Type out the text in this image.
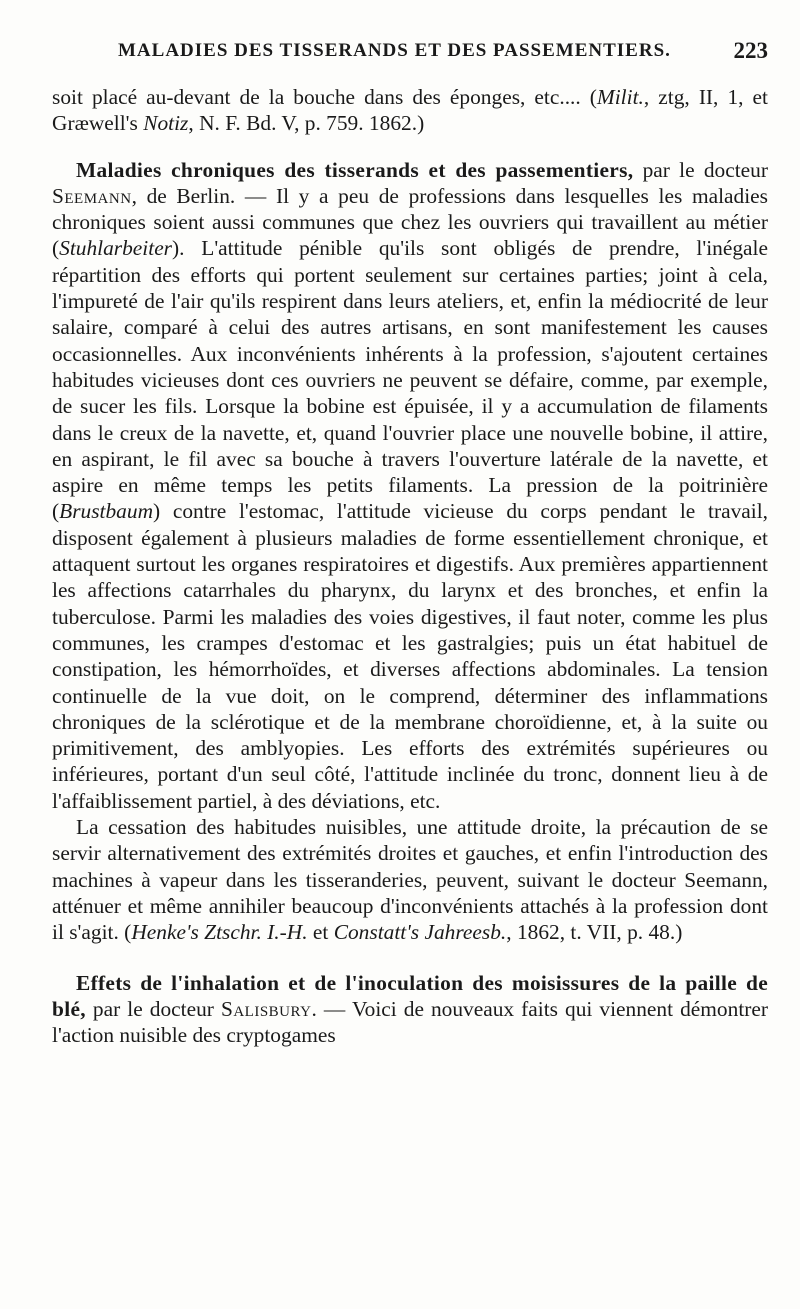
MALADIES DES TISSERANDS ET DES PASSEMENTIERS.	223

soit placé au-devant de la bouche dans des éponges, etc.... (Milit., ztg, II, 1, et Græwell's Notiz, N. F. Bd. V, p. 759. 1862.)

Maladies chroniques des tisserands et des passementiers, par le docteur Seemann, de Berlin. — Il y a peu de professions dans lesquelles les maladies chroniques soient aussi communes que chez les ouvriers qui travaillent au métier (Stuhlarbeiter). L'attitude pénible qu'ils sont obligés de prendre, l'inégale répartition des efforts qui portent seulement sur certaines parties; joint à cela, l'impureté de l'air qu'ils respirent dans leurs ateliers, et, enfin la médiocrité de leur salaire, comparé à celui des autres artisans, en sont manifestement les causes occasionnelles. Aux inconvénients inhérents à la profession, s'ajoutent certaines habitudes vicieuses dont ces ouvriers ne peuvent se défaire, comme, par exemple, de sucer les fils. Lorsque la bobine est épuisée, il y a accumulation de filaments dans le creux de la navette, et, quand l'ouvrier place une nouvelle bobine, il attire, en aspirant, le fil avec sa bouche à travers l'ouverture latérale de la navette, et aspire en même temps les petits filaments. La pression de la poitrinière (Brustbaum) contre l'estomac, l'attitude vicieuse du corps pendant le travail, disposent également à plusieurs maladies de forme essentiellement chronique, et attaquent surtout les organes respiratoires et digestifs. Aux premières appartiennent les affections catarrhales du pharynx, du larynx et des bronches, et enfin la tuberculose. Parmi les maladies des voies digestives, il faut noter, comme les plus communes, les crampes d'estomac et les gastralgies; puis un état habituel de constipation, les hémorrhoïdes, et diverses affections abdominales. La tension continuelle de la vue doit, on le comprend, déterminer des inflammations chroniques de la sclérotique et de la membrane choroïdienne, et, à la suite ou primitivement, des amblyopies. Les efforts des extrémités supérieures ou inférieures, portant d'un seul côté, l'attitude inclinée du tronc, donnent lieu à de l'affaiblissement partiel, à des déviations, etc.

La cessation des habitudes nuisibles, une attitude droite, la précaution de se servir alternativement des extrémités droites et gauches, et enfin l'introduction des machines à vapeur dans les tisseranderies, peuvent, suivant le docteur Seemann, atténuer et même annihiler beaucoup d'inconvénients attachés à la profession dont il s'agit. (Henke's Ztschr. I.-H. et Constatt's Jahreesb., 1862, t. VII, p. 48.)

Effets de l'inhalation et de l'inoculation des moisissures de la paille de blé, par le docteur Salisbury. — Voici de nouveaux faits qui viennent démontrer l'action nuisible des cryptogames
